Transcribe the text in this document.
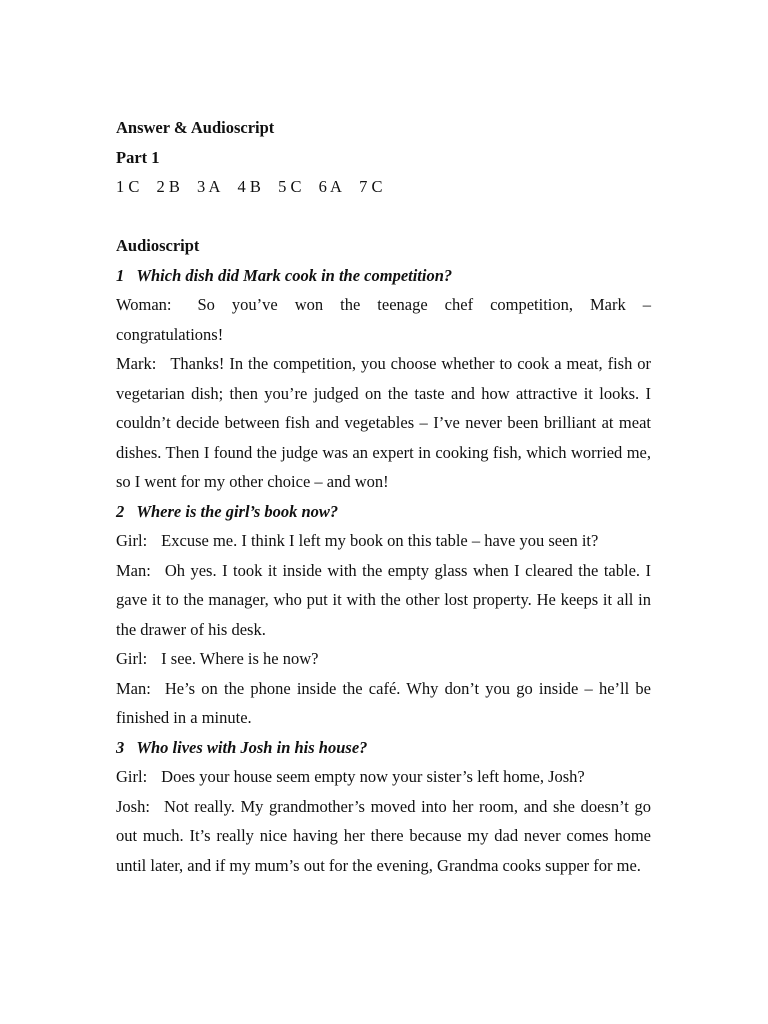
Answer & Audioscript
Part 1
1 C 2 B 3 A 4 B 5 C 6 A 7 C
Audioscript
1   Which dish did Mark cook in the competition?
Woman: So you’ve won the teenage chef competition, Mark – congratulations!
Mark: Thanks! In the competition, you choose whether to cook a meat, fish or vegetarian dish; then you’re judged on the taste and how attractive it looks. I couldn’t decide between fish and vegetables – I’ve never been brilliant at meat dishes. Then I found the judge was an expert in cooking fish, which worried me, so I went for my other choice – and won!
2   Where is the girl’s book now?
Girl: Excuse me. I think I left my book on this table – have you seen it?
Man: Oh yes. I took it inside with the empty glass when I cleared the table. I gave it to the manager, who put it with the other lost property. He keeps it all in the drawer of his desk.
Girl: I see. Where is he now?
Man: He’s on the phone inside the café. Why don’t you go inside – he’ll be finished in a minute.
3   Who lives with Josh in his house?
Girl: Does your house seem empty now your sister’s left home, Josh?
Josh: Not really. My grandmother’s moved into her room, and she doesn’t go out much. It’s really nice having her there because my dad never comes home until later, and if my mum’s out for the evening, Grandma cooks supper for me.
